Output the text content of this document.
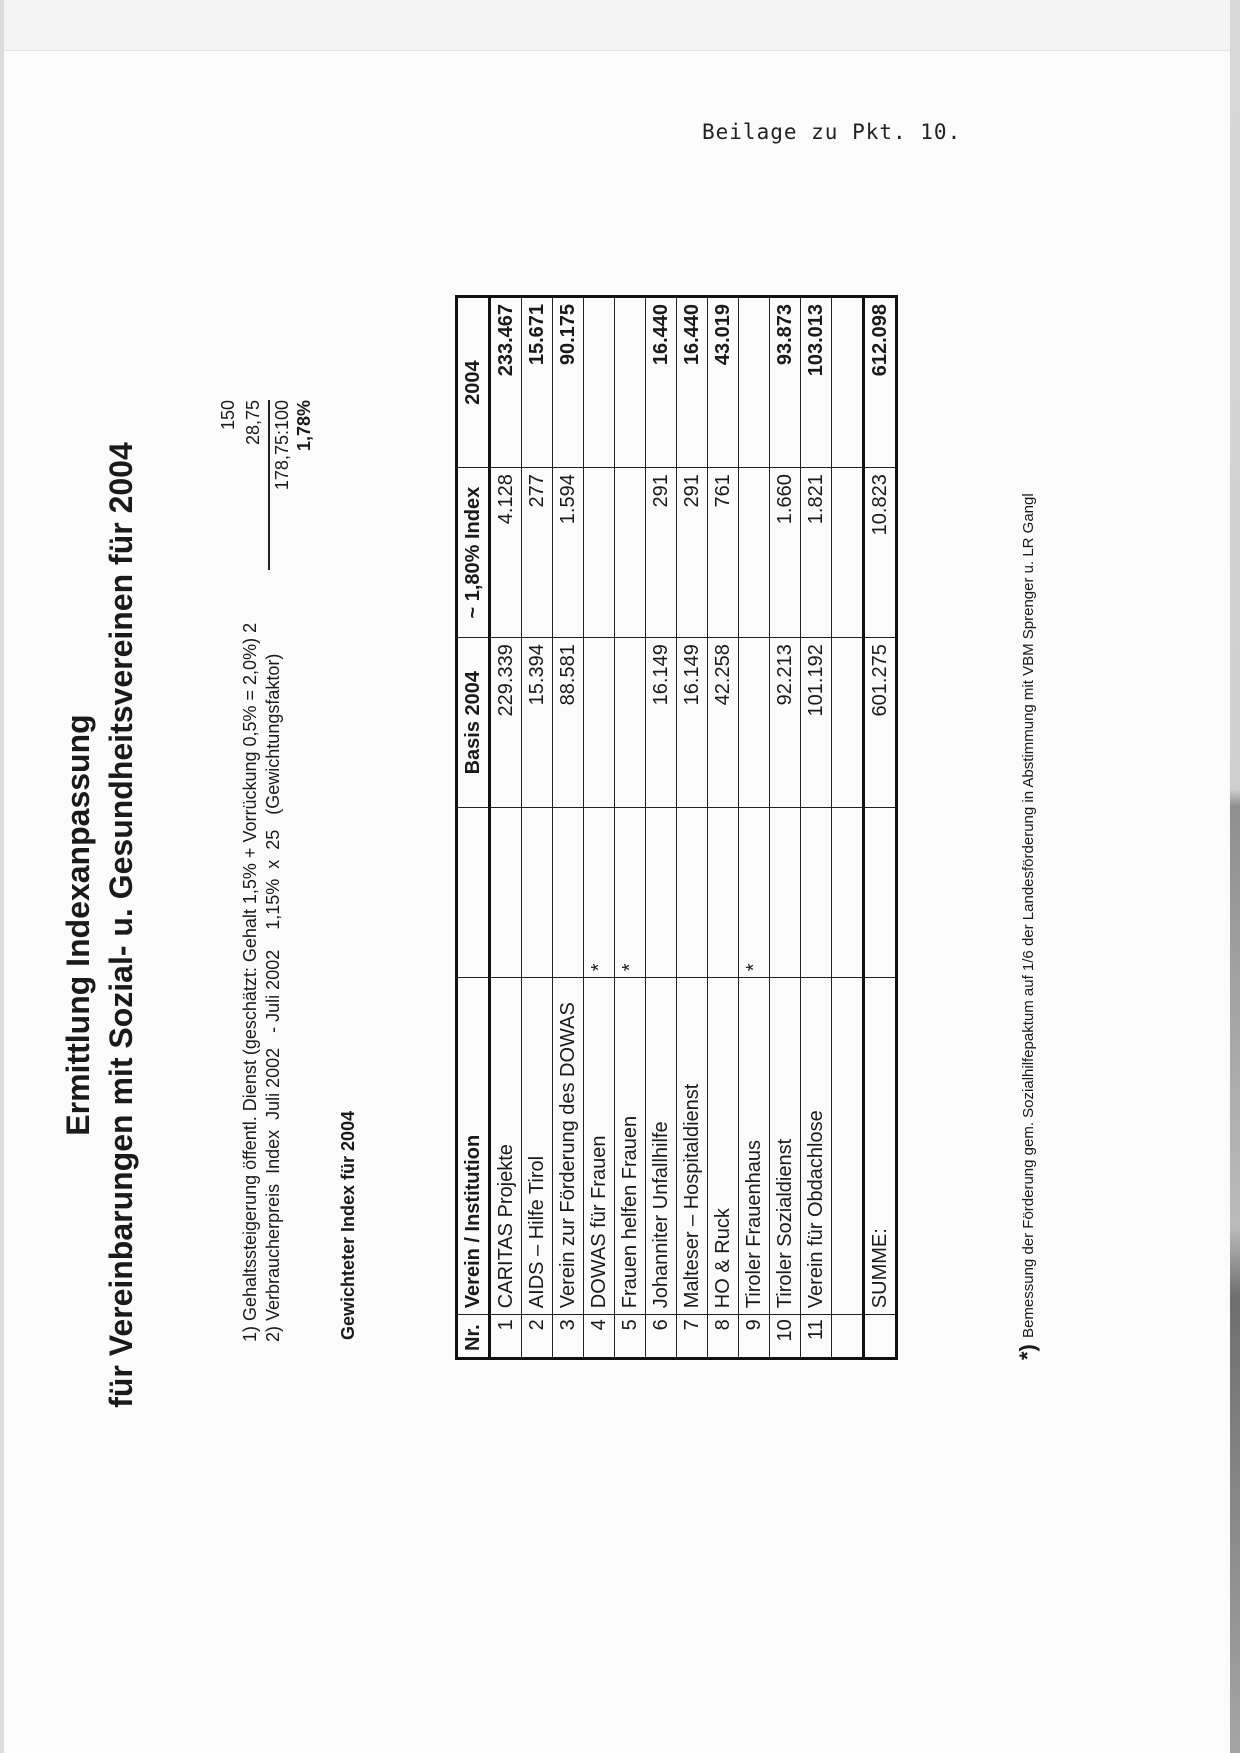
Beilage zu Pkt. 10.
Ermittlung Indexanpassung für Vereinbarungen mit Sozial- u. Gesundheitsvereinen für 2004	1) Gehaltssteigerung öffentl. Dienst (geschätzt: Gehalt 1,5% + Vorrückung 0,5% = 2,0%) 2 2) Verbraucherpreis  Index  Juli 2002   - Juli 2002    1,15%  x  25   (Gewichtungsfaktor)
150 28,75 178,75:100 1,78%
Gewichteter Index für 2004	Nr.	Verein / Institution		Basis 2004	~ 1,80% Index	2004
1	CARITAS Projekte		229.339	4.128	233.467
2	AIDS – Hilfe Tirol		15.394	277	15.671
3	Verein zur Förderung des DOWAS		88.581	1.594	90.175
4	DOWAS für Frauen	*			
5	Frauen helfen Frauen	*			
6	Johanniter Unfallhilfe		16.149	291	16.440
7	Malteser – Hospitaldienst		16.149	291	16.440
8	HO & Ruck		42.258	761	43.019
9	Tiroler Frauenhaus	*			
10	Tiroler Sozialdienst		92.213	1.660	93.873
11	Verein für Obdachlose		101.192	1.821	103.013

	SUMME:		601.275	10.823	612.098
*) Bemessung der Förderung gem. Sozialhilfepaktum auf 1/6 der Landesförderung in Abstimmung mit VBM Sprenger u. LR Gangl
